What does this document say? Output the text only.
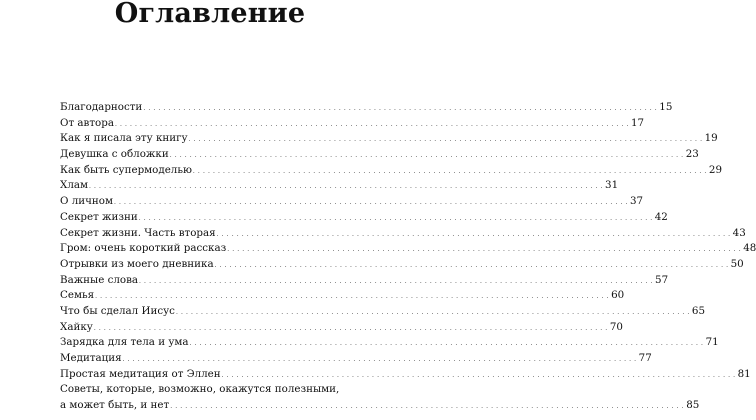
Оглавление
Благодарности . . . . . . . . . . . . . . . . . . . . . . . . . . . . . . . . . . . . . . . . . . . . . . . . . . . . . . . . . . . . . . . . . . . . . . . . . . . . . . . . . . . . . . . . . . . . . . . . . . . . . . . 15
От автора . . . . . . . . . . . . . . . . . . . . . . . . . . . . . . . . . . . . . . . . . . . . . . . . . . . . . . . . . . . . . . . . . . . . . . . . . . . . . . . . . . . . . . . . . . . . . . . . . . . . . . . 17
Как я писала эту книгу . . . . . . . . . . . . . . . . . . . . . . . . . . . . . . . . . . . . . . . . . . . . . . . . . . . . . . . . . . . . . . . . . . . . . . . . . . . . . . . . . . . . . . . . . . . . . . . . . . . . . . . 19
Девушка с обложки . . . . . . . . . . . . . . . . . . . . . . . . . . . . . . . . . . . . . . . . . . . . . . . . . . . . . . . . . . . . . . . . . . . . . . . . . . . . . . . . . . . . . . . . . . . . . . . . . . . . . . . 23
Как быть супермоделью . . . . . . . . . . . . . . . . . . . . . . . . . . . . . . . . . . . . . . . . . . . . . . . . . . . . . . . . . . . . . . . . . . . . . . . . . . . . . . . . . . . . . . . . . . . . . . . . . . . . . . . 29
Хлам . . . . . . . . . . . . . . . . . . . . . . . . . . . . . . . . . . . . . . . . . . . . . . . . . . . . . . . . . . . . . . . . . . . . . . . . . . . . . . . . . . . . . . . . . . . . . . . . . . . . . . . 31
О личном . . . . . . . . . . . . . . . . . . . . . . . . . . . . . . . . . . . . . . . . . . . . . . . . . . . . . . . . . . . . . . . . . . . . . . . . . . . . . . . . . . . . . . . . . . . . . . . . . . . . . . . 37
Секрет жизни . . . . . . . . . . . . . . . . . . . . . . . . . . . . . . . . . . . . . . . . . . . . . . . . . . . . . . . . . . . . . . . . . . . . . . . . . . . . . . . . . . . . . . . . . . . . . . . . . . . . . . . 42
Секрет жизни. Часть вторая . . . . . . . . . . . . . . . . . . . . . . . . . . . . . . . . . . . . . . . . . . . . . . . . . . . . . . . . . . . . . . . . . . . . . . . . . . . . . . . . . . . . . . . . . . . . . . . . . . . . . . . 43
Гром: очень короткий рассказ . . . . . . . . . . . . . . . . . . . . . . . . . . . . . . . . . . . . . . . . . . . . . . . . . . . . . . . . . . . . . . . . . . . . . . . . . . . . . . . . . . . . . . . . . . . . . . . . . . . . . . . 48
Отрывки из моего дневника . . . . . . . . . . . . . . . . . . . . . . . . . . . . . . . . . . . . . . . . . . . . . . . . . . . . . . . . . . . . . . . . . . . . . . . . . . . . . . . . . . . . . . . . . . . . . . . . . . . . . . . 50
Важные слова . . . . . . . . . . . . . . . . . . . . . . . . . . . . . . . . . . . . . . . . . . . . . . . . . . . . . . . . . . . . . . . . . . . . . . . . . . . . . . . . . . . . . . . . . . . . . . . . . . . . . . . 57
Семья . . . . . . . . . . . . . . . . . . . . . . . . . . . . . . . . . . . . . . . . . . . . . . . . . . . . . . . . . . . . . . . . . . . . . . . . . . . . . . . . . . . . . . . . . . . . . . . . . . . . . . . 60
Что бы сделал Иисус . . . . . . . . . . . . . . . . . . . . . . . . . . . . . . . . . . . . . . . . . . . . . . . . . . . . . . . . . . . . . . . . . . . . . . . . . . . . . . . . . . . . . . . . . . . . . . . . . . . . . . . 65
Хайку . . . . . . . . . . . . . . . . . . . . . . . . . . . . . . . . . . . . . . . . . . . . . . . . . . . . . . . . . . . . . . . . . . . . . . . . . . . . . . . . . . . . . . . . . . . . . . . . . . . . . . . 70
Зарядка для тела и ума . . . . . . . . . . . . . . . . . . . . . . . . . . . . . . . . . . . . . . . . . . . . . . . . . . . . . . . . . . . . . . . . . . . . . . . . . . . . . . . . . . . . . . . . . . . . . . . . . . . . . . . 71
Медитация . . . . . . . . . . . . . . . . . . . . . . . . . . . . . . . . . . . . . . . . . . . . . . . . . . . . . . . . . . . . . . . . . . . . . . . . . . . . . . . . . . . . . . . . . . . . . . . . . . . . . . . 77
Простая медитация от Эллен . . . . . . . . . . . . . . . . . . . . . . . . . . . . . . . . . . . . . . . . . . . . . . . . . . . . . . . . . . . . . . . . . . . . . . . . . . . . . . . . . . . . . . . . . . . . . . . . . . . . . . . 81
Советы, которые, возможно, окажутся полезными,
а может быть, и нет . . . . . . . . . . . . . . . . . . . . . . . . . . . . . . . . . . . . . . . . . . . . . . . . . . . . . . . . . . . . . . . . . . . . . . . . . . . . . . . . . . . . . . . . . . . . . . . . . . . . . . . 85
